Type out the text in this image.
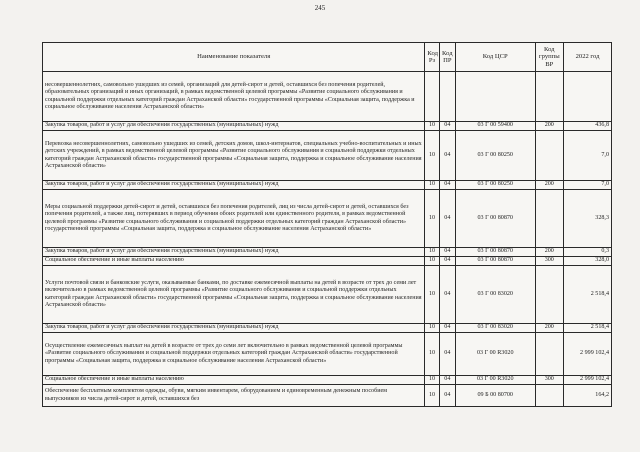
245
Наименование показателя	Код Рз	Код ПР	Код ЦСР	Код группы ВР	2022 год
несовершеннолетних, самовольно ушедших из семей, организаций для детей-сирот и детей, оставшихся без попечения родителей, образовательных организаций и иных организаций, в рамках ведомственной целевой программы «Развитие социального обслуживания и социальной поддержки отдельных категорий граждан Астраханской области» государственной программы «Социальная защита, поддержка и социальное обслуживание населения Астраханской области»					
Закупка товаров, работ и услуг для обеспечения государственных (муниципальных) нужд	10	04	03 Г 00 59400	200	436,8
Перевозка несовершеннолетних, самовольно ушедших из семей, детских домов, школ-интернатов, специальных учебно-воспитательных и иных детских учреждений, в рамках ведомственной целевой программы «Развитие социального обслуживания и социальной поддержки отдельных категорий граждан Астраханской области» государственной программы «Социальная защита, поддержка и социальное обслуживание населения Астраханской области»	10	04	03 Г 00 80250		7,0
Закупка товаров, работ и услуг для обеспечения государственных (муниципальных) нужд	10	04	03 Г 00 80250	200	7,0
Меры социальной поддержки детей-сирот и детей, оставшихся без попечения родителей, лиц из числа детей-сирот и детей, оставшихся без попечения родителей, а также лиц, потерявших в период обучения обоих родителей или единственного родителя, в рамках ведомственной целевой программы «Развитие социального обслуживания и социальной поддержки отдельных категорий граждан Астраханской области» государственной программы «Социальная защита, поддержка и социальное обслуживание населения Астраханской области»	10	04	03 Г 00 80870		328,3
Закупка товаров, работ и услуг для обеспечения государственных (муниципальных) нужд	10	04	03 Г 00 80870	200	0,3
Социальное обеспечение и иные выплаты населению	10	04	03 Г 00 80870	300	328,0
Услуги почтовой связи и банковские услуги, оказываемые банками, по доставке ежемесячной выплаты на детей в возрасте от трех до семи лет включительно в рамках ведомственной целевой программы «Развитие социального обслуживания и социальной поддержки отдельных категорий граждан Астраханской области» государственной программы «Социальная защита, поддержка и социальное обслуживание населения Астраханской области»	10	04	03 Г 00 83020		2 518,4
Закупка товаров, работ и услуг для обеспечения государственных (муниципальных) нужд	10	04	03 Г 00 83020	200	2 518,4
Осуществление ежемесячных выплат на детей в возрасте от трех до семи лет включительно в рамках ведомственной целевой программы «Развитие социального обслуживания и социальной поддержки отдельных категорий граждан Астраханской области» государственной программы «Социальная защита, поддержка и социальное обслуживание населения Астраханской области»	10	04	03 Г 00 R3020		2 999 102,4
Социальное обеспечение и иные выплаты населению	10	04	03 Г 00 R3020	300	2 999 102,4
Обеспечение бесплатным комплектом одежды, обуви, мягким инвентарем, оборудованием и единовременным денежным пособием выпускников из числа детей-сирот и детей, оставшихся без	10	04	09 Б 00 80700		164,2
